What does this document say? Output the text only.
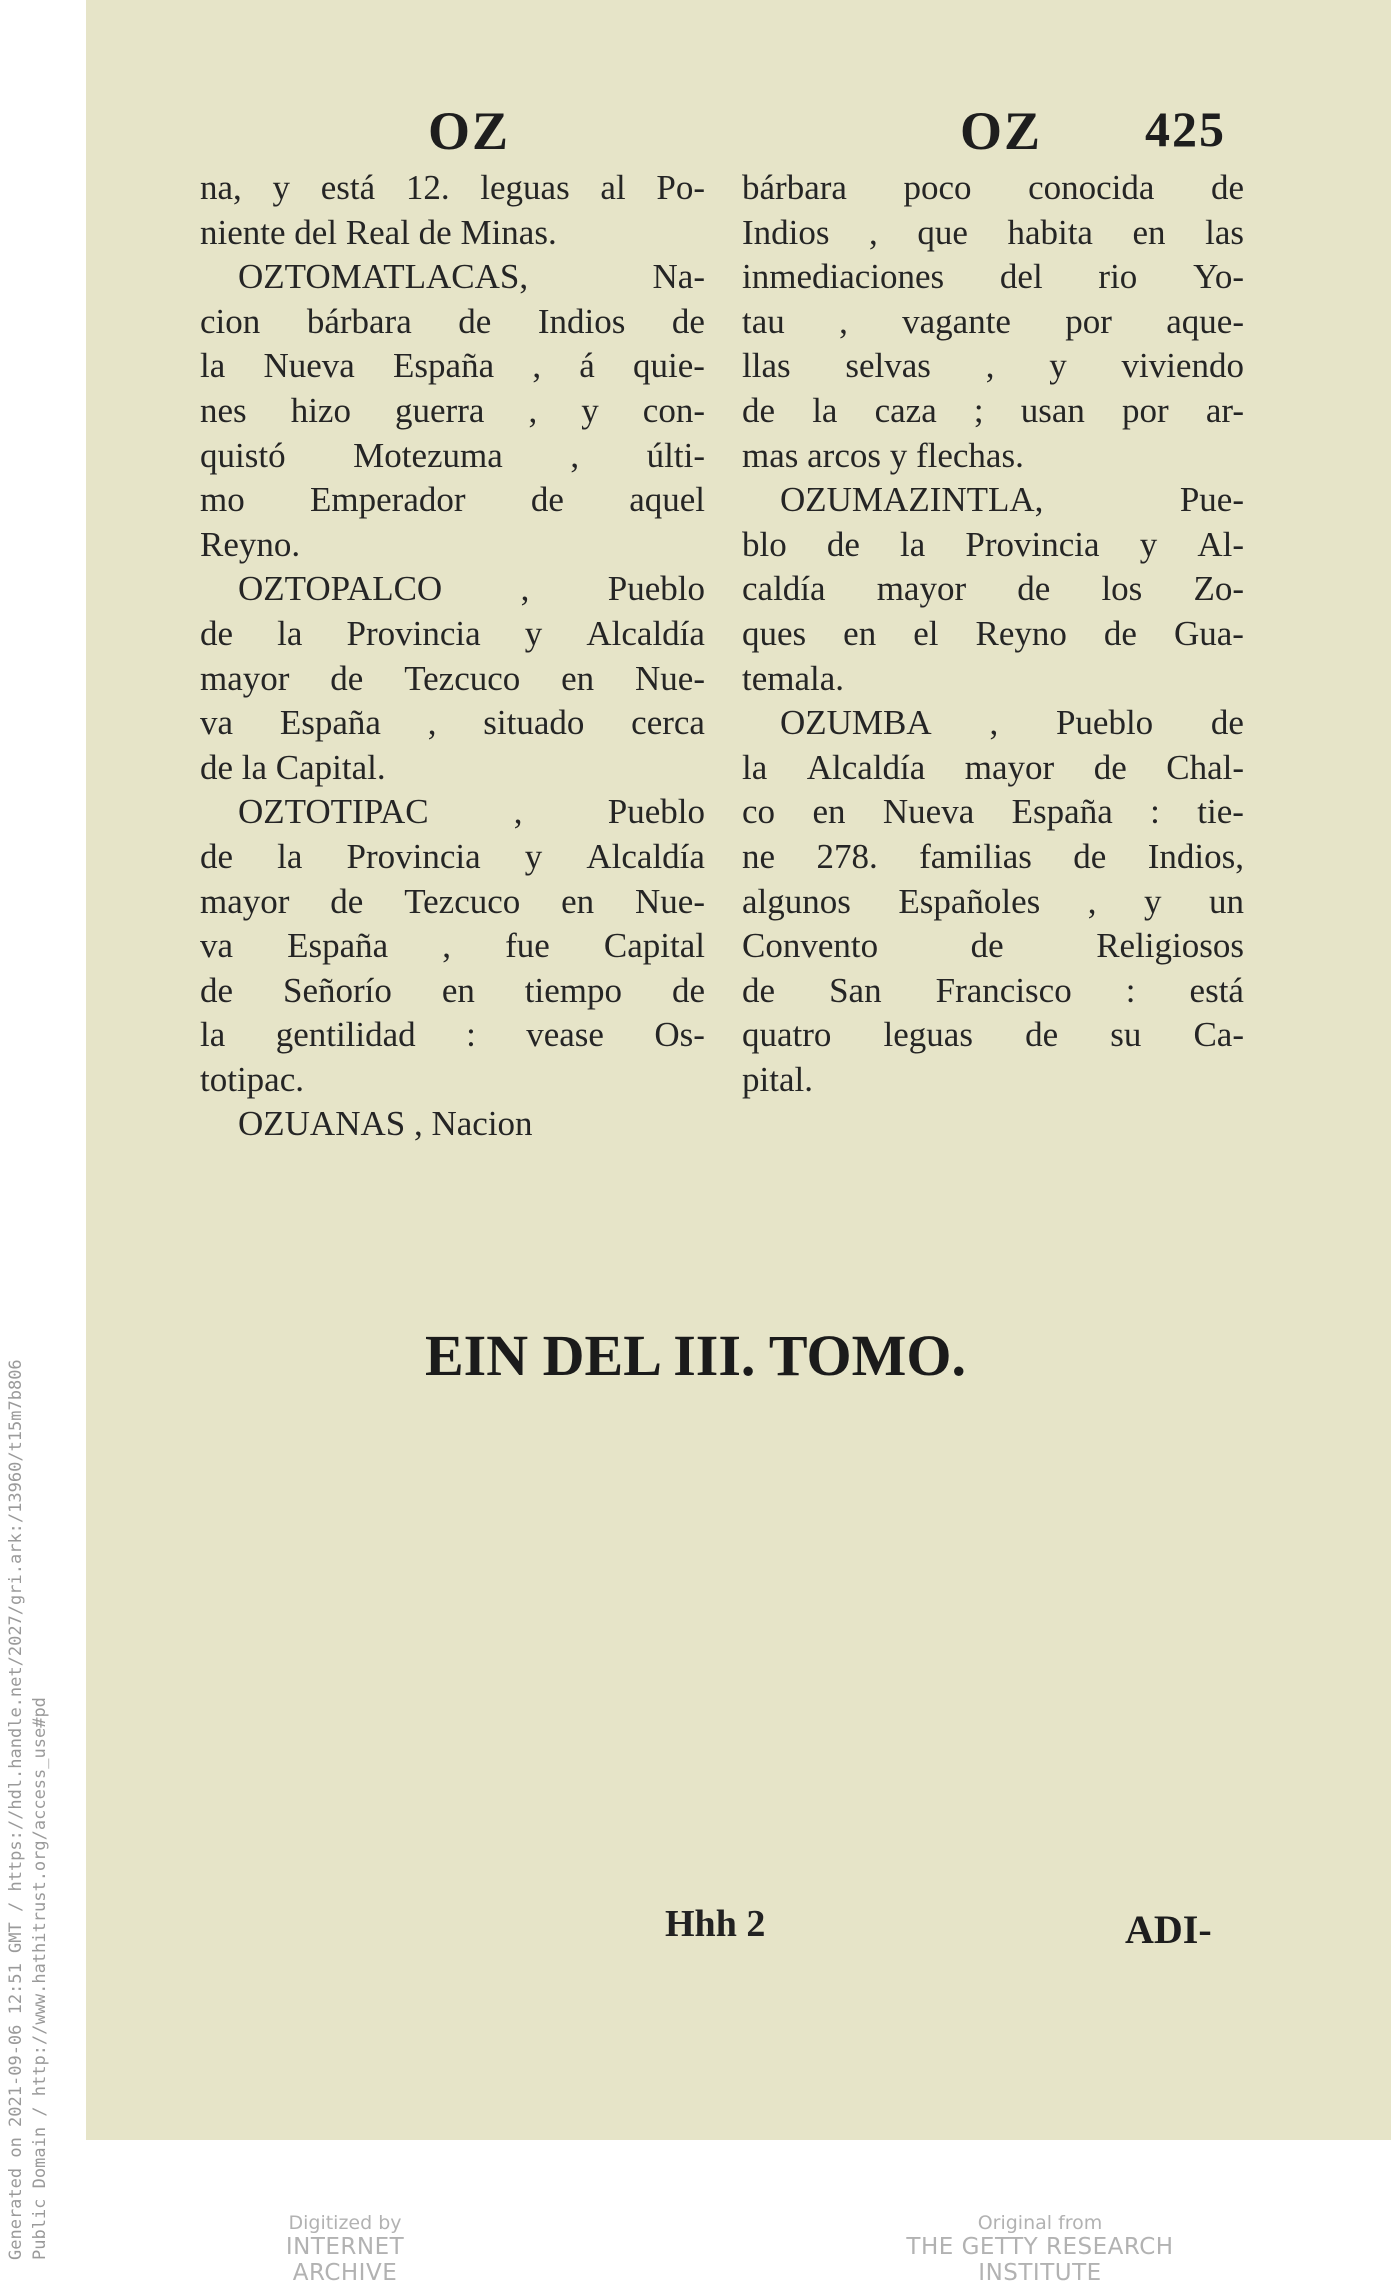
Generated on 2021-09-06 12:51 GMT / https://hdl.handle.net/2027/gri.ark:/13960/t15m7b806 Public Domain / http://www.hathitrust.org/access_use#pd
OZ	OZ 425
na, y está 12. leguas al Po-
niente del Real de Minas.
OZTOMATLACAS,	Na-
cion bárbara de Indios de
la Nueva España , á quie-
nes hizo guerra , y con-
quistó Motezuma , últi-
mo Emperador de aquel
Reyno.
OZTOPALCO , Pueblo
de la Provincia y Alcaldía
mayor de Tezcuco en Nue-
va España , situado cerca
de la Capital.
OZTOTIPAC , Pueblo
de la Provincia y Alcaldía
mayor de Tezcuco en Nue-
va España , fue Capital
de Señorío en tiempo de
la gentilidad : vease Os-
totipac.
OZUANAS , Nacion
bárbara poco conocida de
Indios , que habita en las
inmediaciones del rio Yo-
tau , vagante por aque-
llas selvas , y viviendo
de la caza ; usan por ar-
mas arcos y flechas.
OZUMAZINTLA,	Pue-
blo de la Provincia y Al-
caldía mayor de los Zo-
ques en el Reyno de Gua-
temala.
OZUMBA , Pueblo de
la Alcaldía mayor de Chal-
co en Nueva España : tie-
ne 278. familias de Indios,
algunos Españoles , y un
Convento	de	Religiosos
de San Francisco : está
quatro leguas de su Ca-
pital.
EIN DEL III. TOMO.
Hhh 2	ADI-
Digitized by
INTERNET ARCHIVE
Original from
THE GETTY RESEARCH INSTITUTE
